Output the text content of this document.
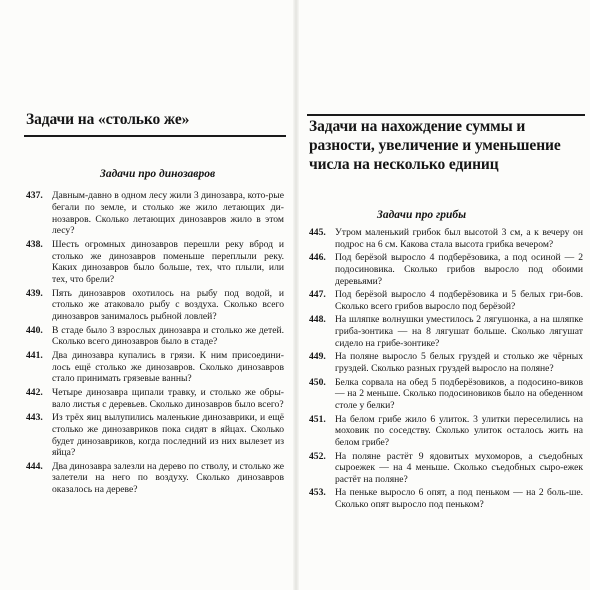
Задачи на «столько же»
Задачи про динозавров
437. Давным-давно в одном лесу жили 3 динозавра, кото-рые бегали по земле, и столько же жило летающих ди-нозавров. Сколько летающих динозавров жило в этом лесу?
438. Шесть огромных динозавров перешли реку вброд и столько же динозавров поменьше переплыли реку. Каких динозавров было больше, тех, что плыли, или тех, что брели?
439. Пять динозавров охотилось на рыбу под водой, и столько же атаковало рыбу с воздуха. Сколько всего динозавров занималось рыбной ловлей?
440. В стаде было 3 взрослых динозавра и столько же детей. Сколько всего динозавров было в стаде?
441. Два динозавра купались в грязи. К ним присоедини-лось ещё столько же динозавров. Сколько динозавров стало принимать грязевые ванны?
442. Четыре динозавра щипали травку, и столько же обры-вало листья с деревьев. Сколько динозавров было всего?
443. Из трёх яиц вылупились маленькие динозаврики, и ещё столько же динозавриков пока сидят в яйцах. Сколько будет динозавриков, когда последний из них вылезет из яйца?
444. Два динозавра залезли на дерево по стволу, и столько же залетели на него по воздуху. Сколько динозавров оказалось на дереве?
Задачи на нахождение суммы и разности, увеличение и уменьшение числа на несколько единиц
Задачи про грибы
445. Утром маленький грибок был высотой 3 см, а к вечеру он подрос на 6 см. Какова стала высота грибка вечером?
446. Под берёзой выросло 4 подберёзовика, а под осиной — 2 подосиновика. Сколько грибов выросло под обоими деревьями?
447. Под берёзой выросло 4 подберёзовика и 5 белых гри-бов. Сколько всего грибов выросло под берёзой?
448. На шляпке волнушки уместилось 2 лягушонка, а на шляпке гриба-зонтика — на 8 лягушат больше. Сколько лягушат сидело на грибе-зонтике?
449. На поляне выросло 5 белых груздей и столько же чёрных груздей. Сколько разных груздей выросло на поляне?
450. Белка сорвала на обед 5 подберёзовиков, а подосино-виков — на 2 меньше. Сколько подосиновиков было на обеденном столе у белки?
451. На белом грибе жило 6 улиток. 3 улитки переселились на моховик по соседству. Сколько улиток осталось жить на белом грибе?
452. На поляне растёт 9 ядовитых мухоморов, а съедобных сыроежек — на 4 меньше. Сколько съедобных сыро-ежек растёт на поляне?
453. На пеньке выросло 6 опят, а под пеньком — на 2 боль-ше. Сколько опят выросло под пеньком?
